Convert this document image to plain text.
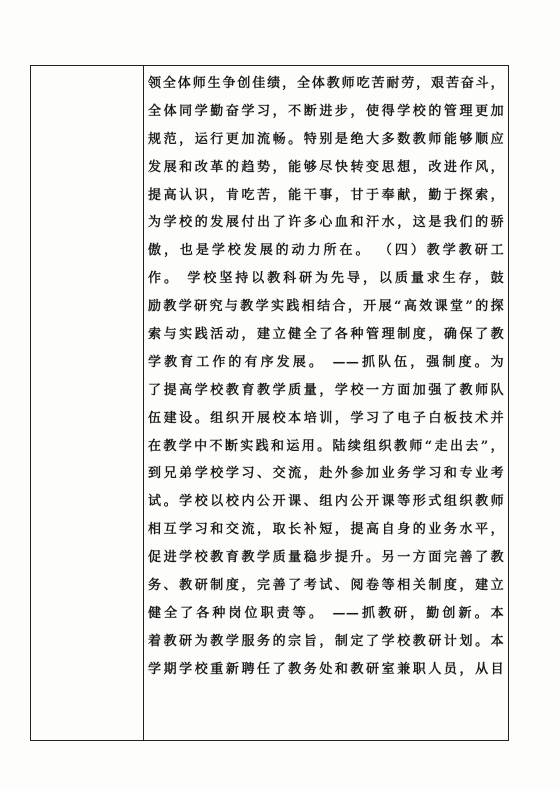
领全体师生争创佳绩，全体教师吃苦耐劳，艰苦奋斗，
全体同学勤奋学习，不断进步，使得学校的管理更加
规范，运行更加流畅。特别是绝大多数教师能够顺应
发展和改革的趋势，能够尽快转变思想，改进作风，
提高认识，肯吃苦，能干事，甘于奉献，勤于探索，
为学校的发展付出了许多心血和汗水，这是我们的骄
傲，也是学校发展的动力所在。 （四）教学教研工
作。 学校坚持以教科研为先导，以质量求生存，鼓
励教学研究与教学实践相结合，开展“高效课堂”的探
索与实践活动，建立健全了各种管理制度，确保了教
学教育工作的有序发展。 ——抓队伍，强制度。为
了提高学校教育教学质量，学校一方面加强了教师队
伍建设。组织开展校本培训，学习了电子白板技术并
在教学中不断实践和运用。陆续组织教师“走出去”，
到兄弟学校学习、交流，赴外参加业务学习和专业考
试。学校以校内公开课、组内公开课等形式组织教师
相互学习和交流，取长补短，提高自身的业务水平，
促进学校教育教学质量稳步提升。另一方面完善了教
务、教研制度，完善了考试、阅卷等相关制度，建立
健全了各种岗位职责等。 ——抓教研，勤创新。本
着教研为教学服务的宗旨，制定了学校教研计划。本
学期学校重新聘任了教务处和教研室兼职人员，从目
